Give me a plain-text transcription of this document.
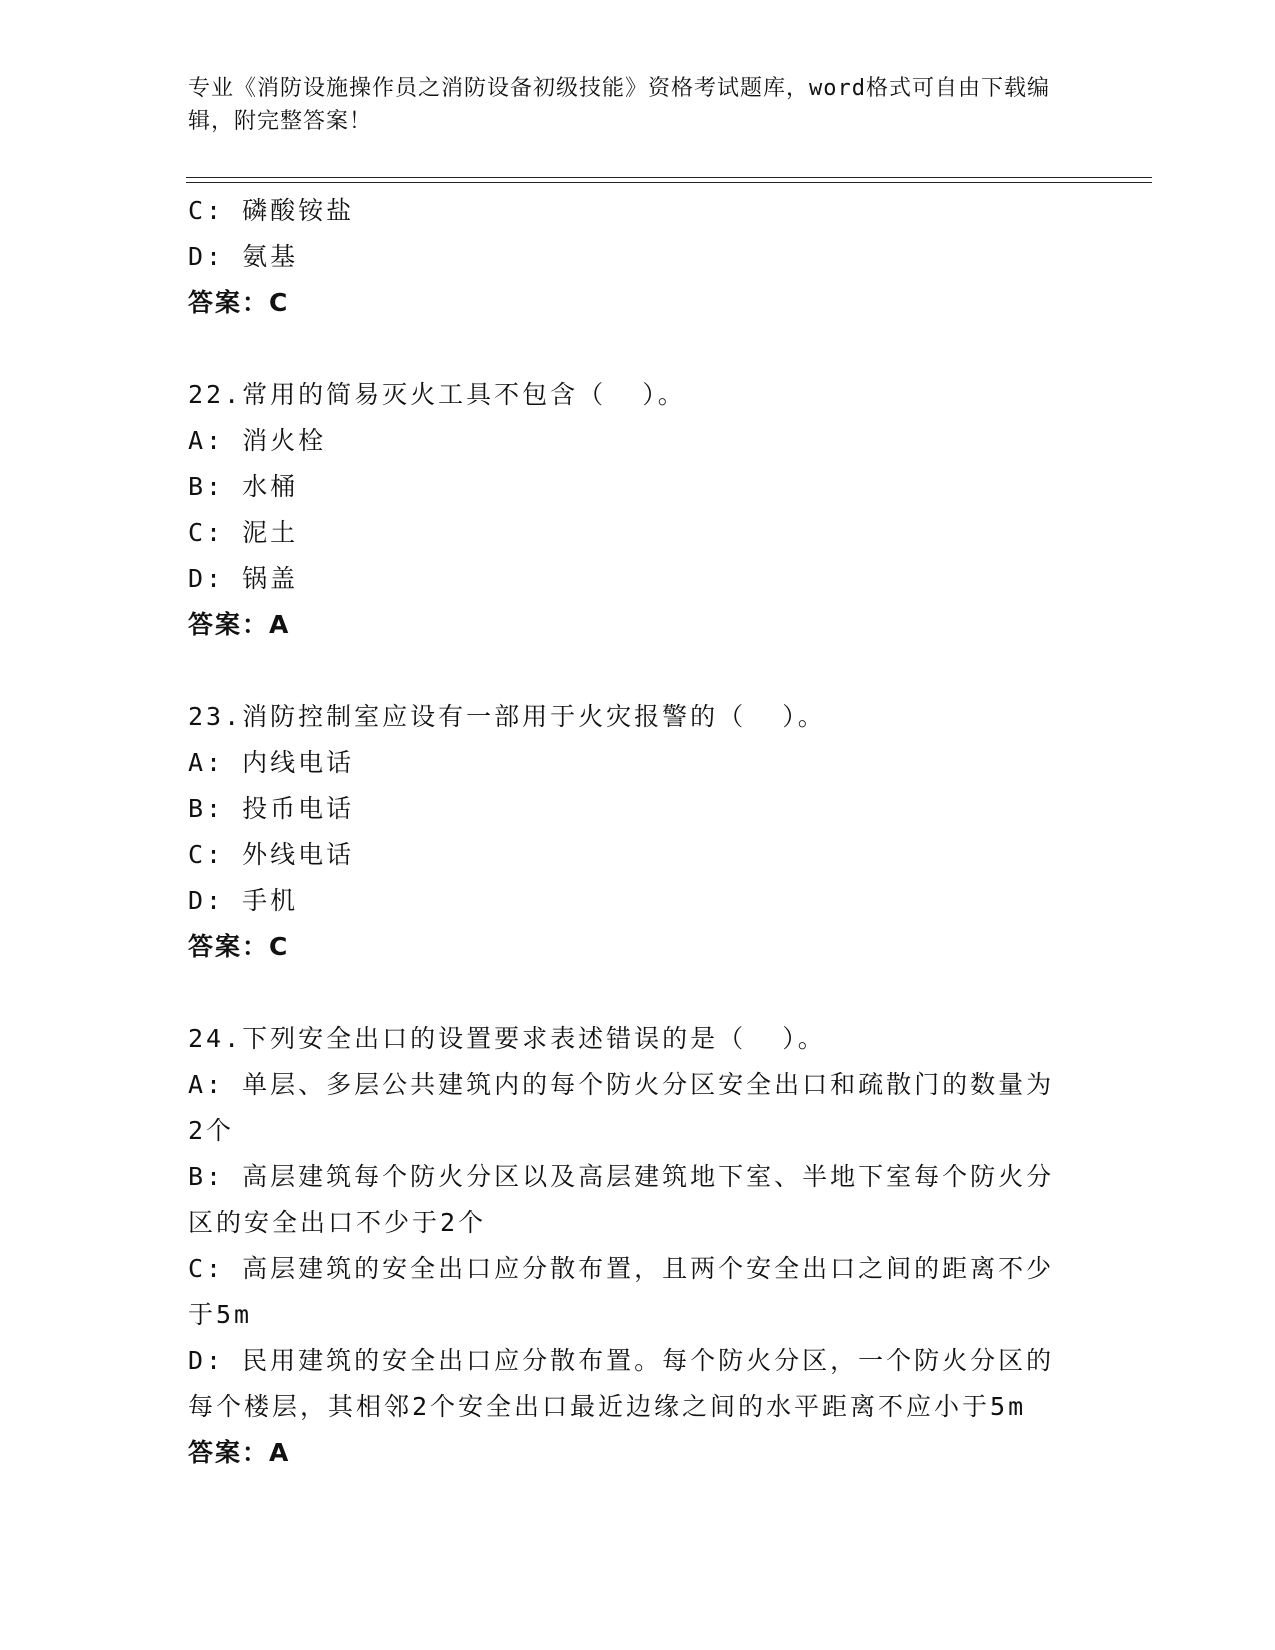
专业《消防设施操作员之消防设备初级技能》资格考试题库，word格式可自由下载编辑，附完整答案！
C: 磷酸铵盐
D: 氨基
答案：C
22.常用的简易灭火工具不包含（  ）。
A: 消火栓
B: 水桶
C: 泥土
D: 锅盖
答案：A
23.消防控制室应设有一部用于火灾报警的（  ）。
A: 内线电话
B: 投币电话
C: 外线电话
D: 手机
答案：C
24.下列安全出口的设置要求表述错误的是（  ）。
A: 单层、多层公共建筑内的每个防火分区安全出口和疏散门的数量为2个
B: 高层建筑每个防火分区以及高层建筑地下室、半地下室每个防火分区的安全出口不少于2个
C: 高层建筑的安全出口应分散布置，且两个安全出口之间的距离不少于5m
D: 民用建筑的安全出口应分散布置。每个防火分区，一个防火分区的每个楼层，其相邻2个安全出口最近边缘之间的水平距离不应小于5m
答案：A
